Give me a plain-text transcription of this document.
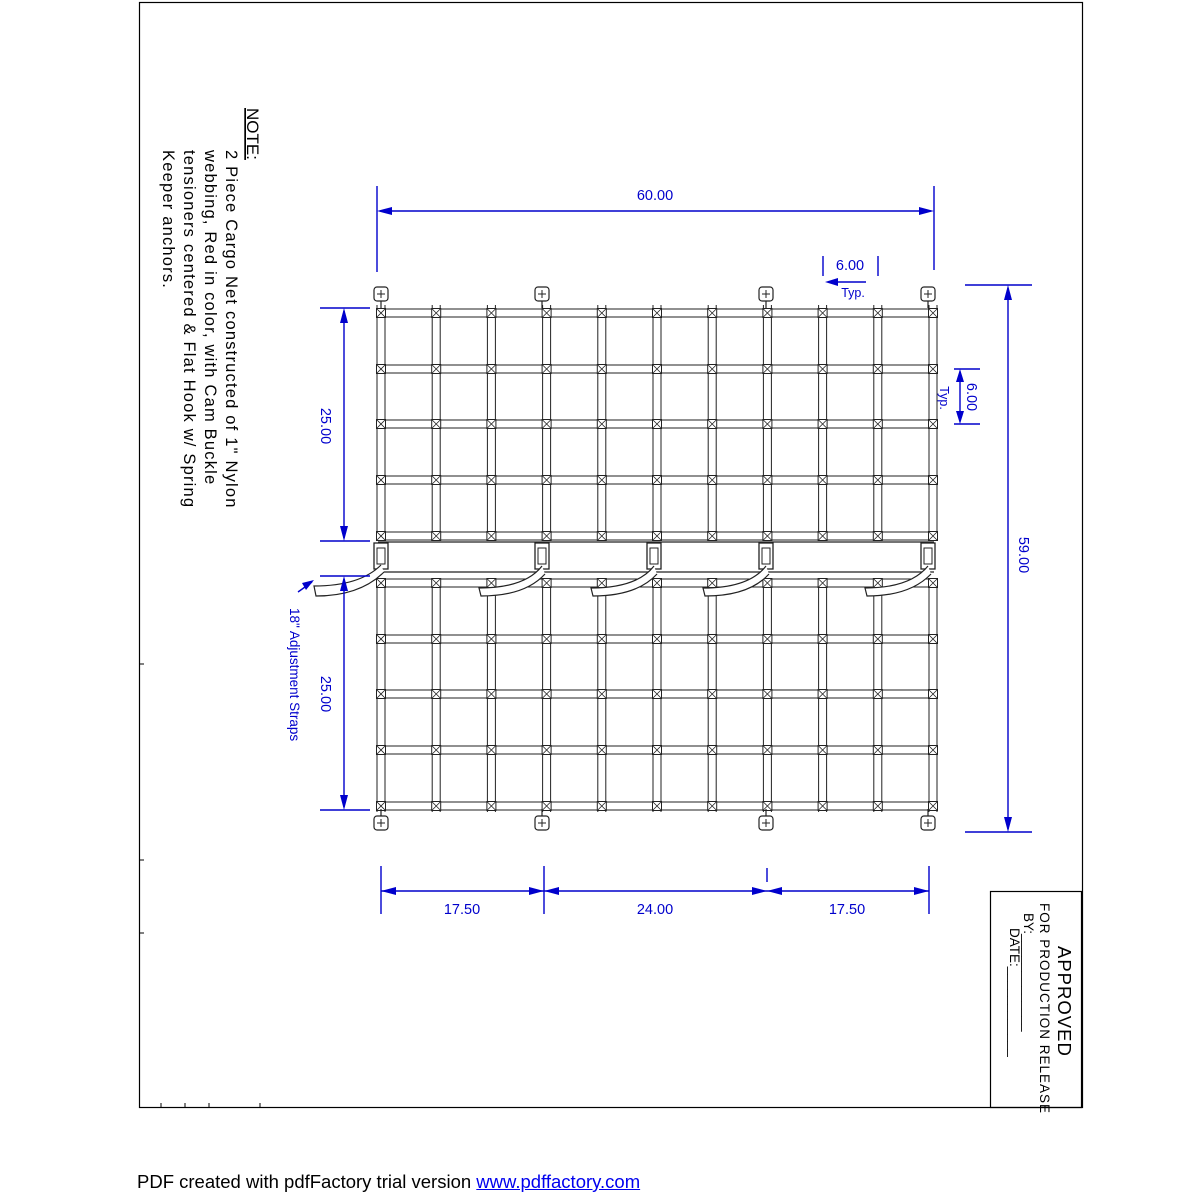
NOTE:
2 Piece Cargo Net constructed of 1" Nylon
webbing, Red in color, with Cam Buckle
tensioners centered & Flat Hook w/ Spring
Keeper anchors.	60.00
6.00
Typ.
6.00
Typ.
59.00
25.00
25.00
17.50	24.00	17.50
18" Adjustment Straps
APPROVED
FOR PRODUCTION RELEASE
BY:_____________
DATE:____________
PDF created with pdfFactory trial version www.pdffactory.com
